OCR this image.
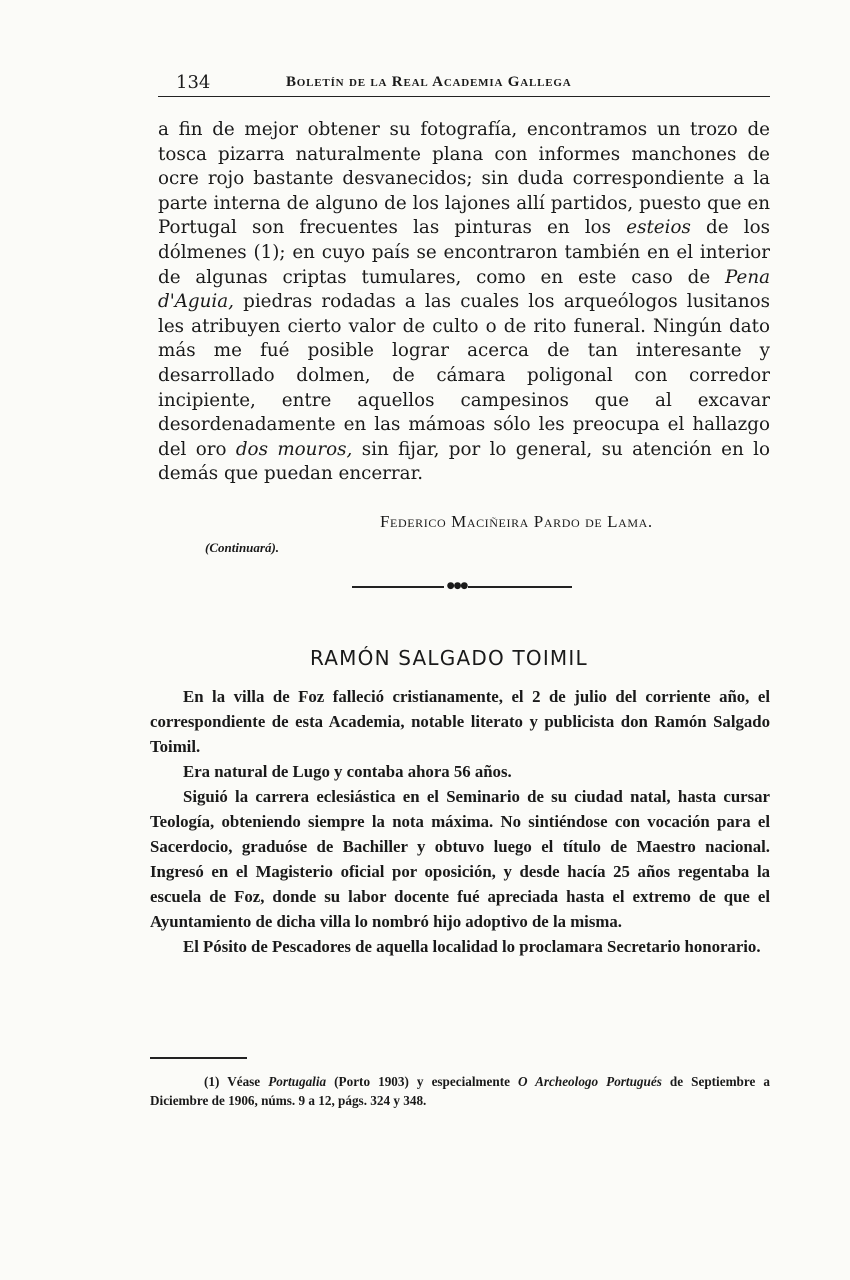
134	Boletín de la Real Academia Gallega

a fin de mejor obtener su fotografía, encontramos un trozo de tosca pizarra naturalmente plana con informes manchones de ocre rojo bastante desvanecidos; sin duda correspondiente a la parte interna de alguno de los lajones allí partidos, puesto que en Portugal son frecuentes las pinturas en los esteios de los dólmenes (1); en cuyo país se encontraron también en el interior de algunas criptas tumulares, como en este caso de Pena d'Aguia, piedras rodadas a las cuales los arqueólogos lusitanos les atribuyen cierto valor de culto o de rito funeral. Ningún dato más me fué posible lograr acerca de tan interesante y desarrollado dolmen, de cámara poligonal con corredor incipiente, entre aquellos campesinos que al excavar desordenadamente en las mámoas sólo les preocupa el hallazgo del oro dos mouros, sin fijar, por lo general, su atención en lo demás que puedan encerrar.

Federico Maciñeira Pardo de Lama.
(Continuará).
●●●
RAMÓN SALGADO TOIMIL

En la villa de Foz falleció cristianamente, el 2 de julio del corriente año, el correspondiente de esta Academia, notable literato y publicista don Ramón Salgado Toimil.

Era natural de Lugo y contaba ahora 56 años.

Siguió la carrera eclesiástica en el Seminario de su ciudad natal, hasta cursar Teología, obteniendo siempre la nota máxima. No sintiéndose con vocación para el Sacerdocio, graduóse de Bachiller y obtuvo luego el título de Maestro nacional. Ingresó en el Magisterio oficial por oposición, y desde hacía 25 años regentaba la escuela de Foz, donde su labor docente fué apreciada hasta el extremo de que el Ayuntamiento de dicha villa lo nombró hijo adoptivo de la misma.

El Pósito de Pescadores de aquella localidad lo proclamara Secretario honorario.

(1) Véase Portugalia (Porto 1903) y especialmente O Archeologo Portugués de Septiembre a Diciembre de 1906, núms. 9 a 12, págs. 324 y 348.
